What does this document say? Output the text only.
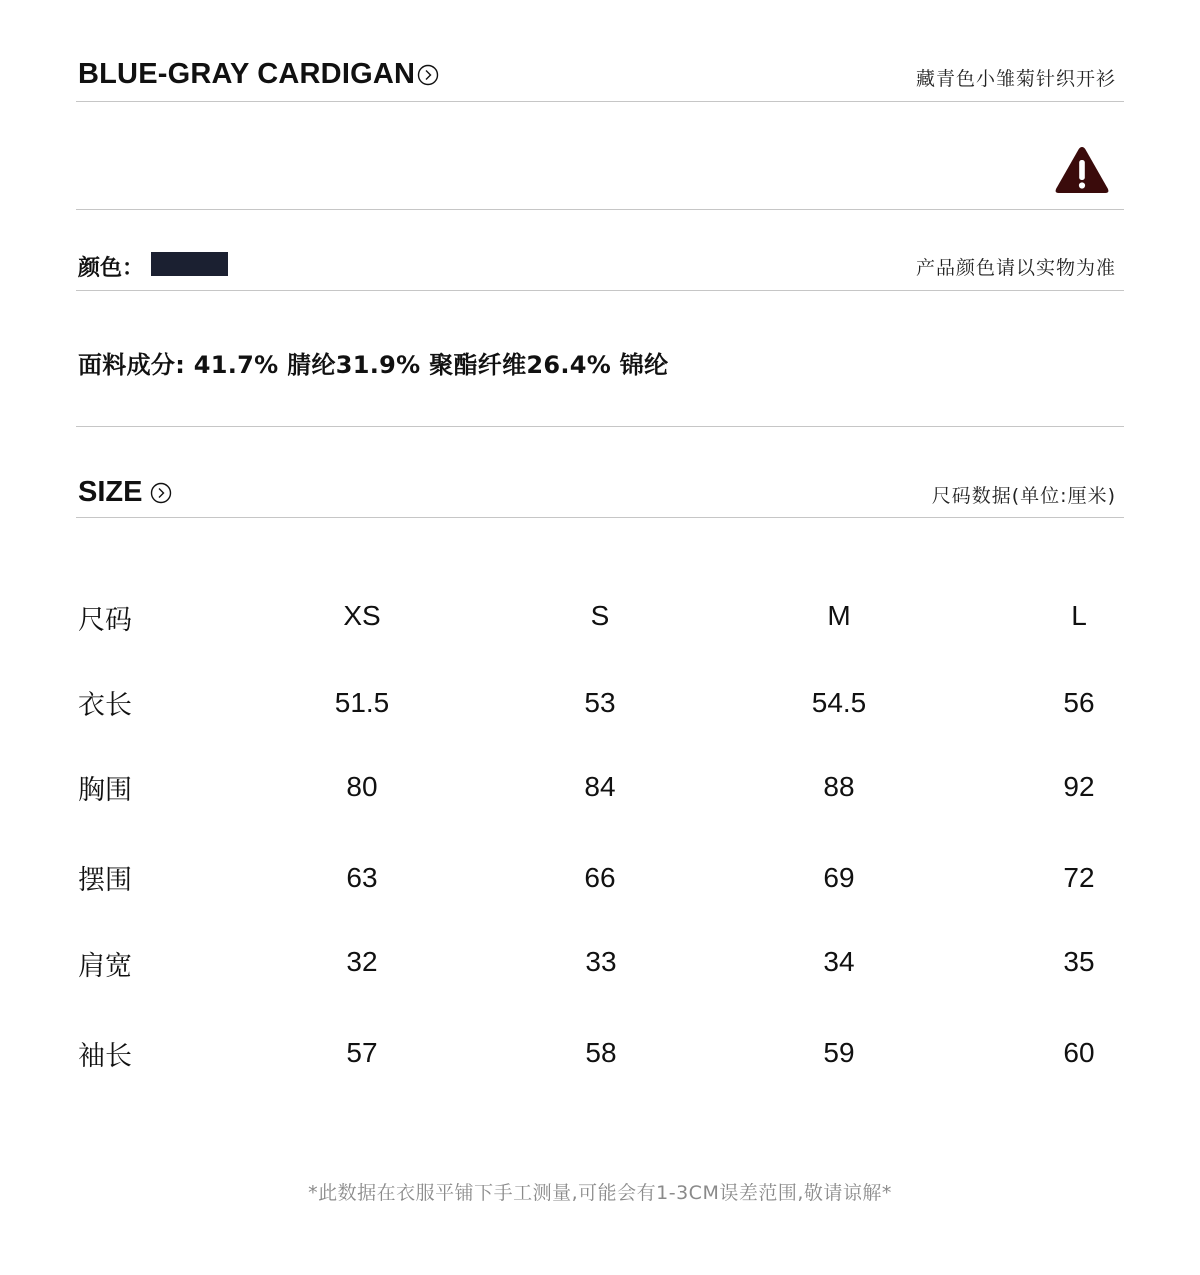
BLUE-GRAY CARDIGAN	藏青色小雏菊针织开衫
颜色：	产品颜色请以实物为准
面料成分: 41.7% 腈纶31.9% 聚酯纤维26.4% 锦纶
SIZE	尺码数据(单位:厘米)
尺码	XS	S	M	L
衣长	51.5	53	54.5	56
胸围	80	84	88	92
摆围	63	66	69	72
肩宽	32	33	34	35
袖长	57	58	59	60
*此数据在衣服平铺下手工测量,可能会有1-3CM误差范围,敬请谅解*
